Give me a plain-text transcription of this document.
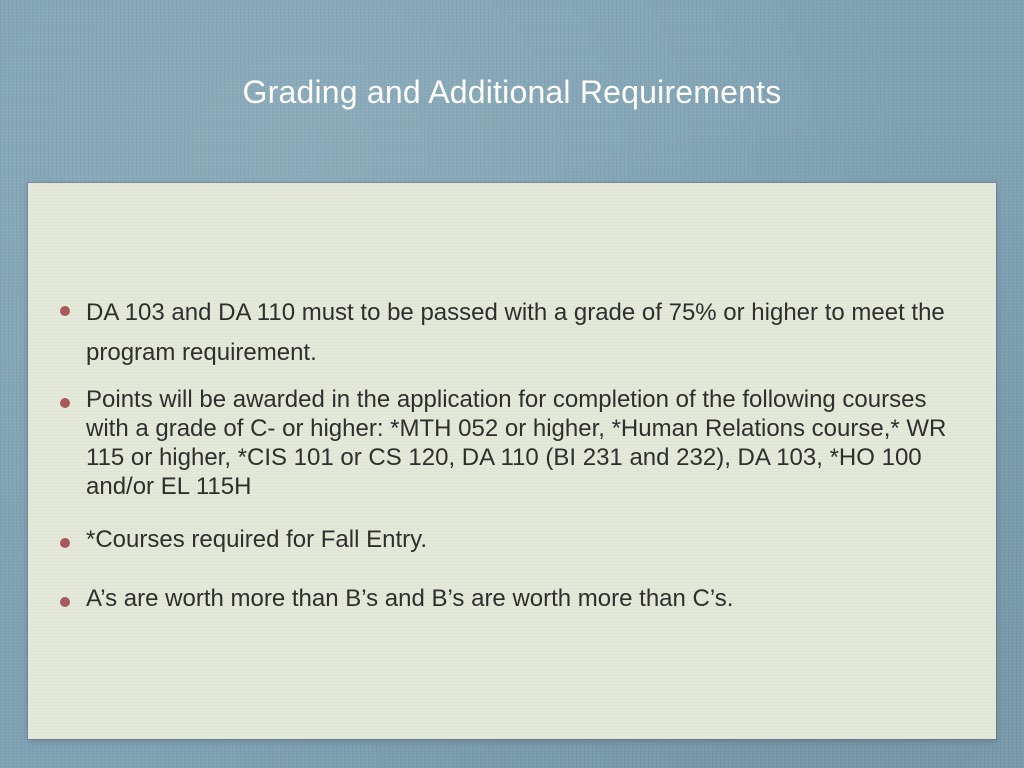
Grading and Additional Requirements
DA 103 and DA 110 must to be passed with a grade of 75% or higher to meet the program requirement.
Points will be awarded in the application for completion of the following courses with a grade of C- or higher: *MTH 052 or higher, *Human Relations course,* WR 115 or higher, *CIS 101 or CS 120, DA 110 (BI 231 and 232), DA 103, *HO 100 and/or EL 115H
*Courses required for Fall Entry.
A’s are worth more than B’s and B’s are worth more than C’s.
